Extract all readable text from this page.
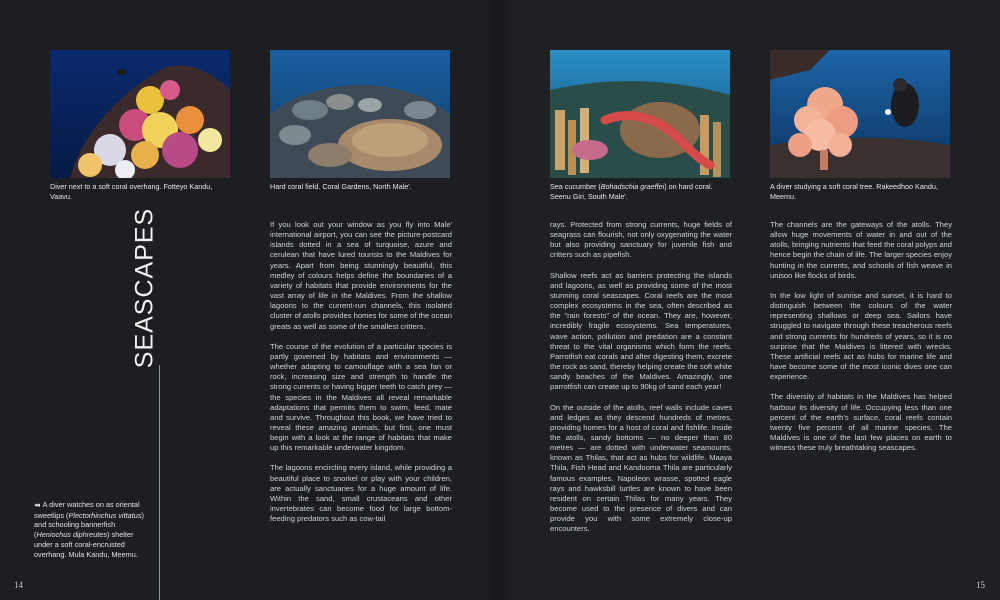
Diver next to a soft coral overhang. Fotteyo Kandu, Vaavu.
Hard coral field. Coral Gardens, North Male'.	Sea cucumber (Bohadschia graeffei) on hard coral.
Seenu Giri, South Male'.
A diver studying a soft coral tree. Rakeedhoo Kandu, Meemu.
SEASCAPES
◂◂ A diver watches on as oriental sweetlips (Plectorhinchus vittatus) and schooling bannerfish (Heniochus diphreutes) shelter under a soft coral-encrusted overhang. Mula Kandu, Meemu.

If you look out your window as you fly into Male' international airport, you can see the picture-postcard islands dotted in a sea of turquoise, azure and cerulean that have lured tourists to the Maldives for years. Apart from being stunningly beautiful, this medley of colours helps define the boundaries of a variety of habitats that provide environments for the vast array of life in the Maldives. From the shallow lagoons to the current-run channels, this isolated cluster of atolls provides homes for some of the ocean greats as well as some of the smallest critters.

The course of the evolution of a particular species is partly governed by habitats and environments — whether adapting to camouflage with a sea fan or rock, increasing size and strength to handle the strong currents or having bigger teeth to catch prey — the species in the Maldives all reveal remarkable adaptations that permits them to swim, feed, mate and survive. Throughout this book, we have tried to reveal these amazing animals, but first, one must begin with a look at the range of habitats that make up this remarkable underwater kingdom.

The lagoons encircling every island, while providing a beautiful place to snorkel or play with your children, are actually sanctuaries for a huge amount of life. Within the sand, small crustaceans and other invertebrates can become food for large bottom-feeding predators such as cow-tail

rays. Protected from strong currents, huge fields of seagrass can flourish, not only oxygenating the water but also providing sanctuary for juvenile fish and critters such as pipefish.

Shallow reefs act as barriers protecting the islands and lagoons, as well as providing some of the most stunning coral seascapes. Coral reefs are the most complex ecosystems in the sea, often described as the "rain forests" of the ocean. They are, however, incredibly fragile ecosystems. Sea temperatures, wave action, pollution and predation are a constant threat to the vital organisms which form the reefs. Parrotfish eat corals and after digesting them, excrete the rock as sand, thereby helping create the soft white sandy beaches of the Maldives. Amazingly, one parrotfish can create up to 90kg of sand each year!

On the outside of the atolls, reef walls include caves and ledges as they descend hundreds of metres, providing homes for a host of coral and fishlife. Inside the atolls, sandy bottoms — no deeper than 80 metres — are dotted with underwater seamounts, known as Thilas, that act as hubs for wildlife. Maaya Thila, Fish Head and Kandooma Thila are particularly famous examples. Napoleon wrasse, spotted eagle rays and hawksbill turtles are known to have been resident on certain Thilas for many years. They become used to the presence of divers and can provide you with some extremely close-up encounters.

The channels are the gateways of the atolls. They allow huge movements of water in and out of the atolls, bringing nutrients that feed the coral polyps and hence begin the chain of life. The larger species enjoy hunting in the currents, and schools of fish weave in unison like flocks of birds.

In the low light of sunrise and sunset, it is hard to distinguish between the colours of the water representing shallows or deep sea. Sailors have struggled to navigate through these treacherous reefs and strong currents for hundreds of years, so it is no surprise that the Maldives is littered with wrecks. These artificial reefs act as hubs for marine life and have become some of the most iconic dives one can experience.

The diversity of habitats in the Maldives has helped harbour its diversity of life. Occupying less than one percent of the earth's surface, coral reefs contain twenty five percent of all marine species. The Maldives is one of the last few places on earth to witness these truly breathtaking seascapes.

14	15
